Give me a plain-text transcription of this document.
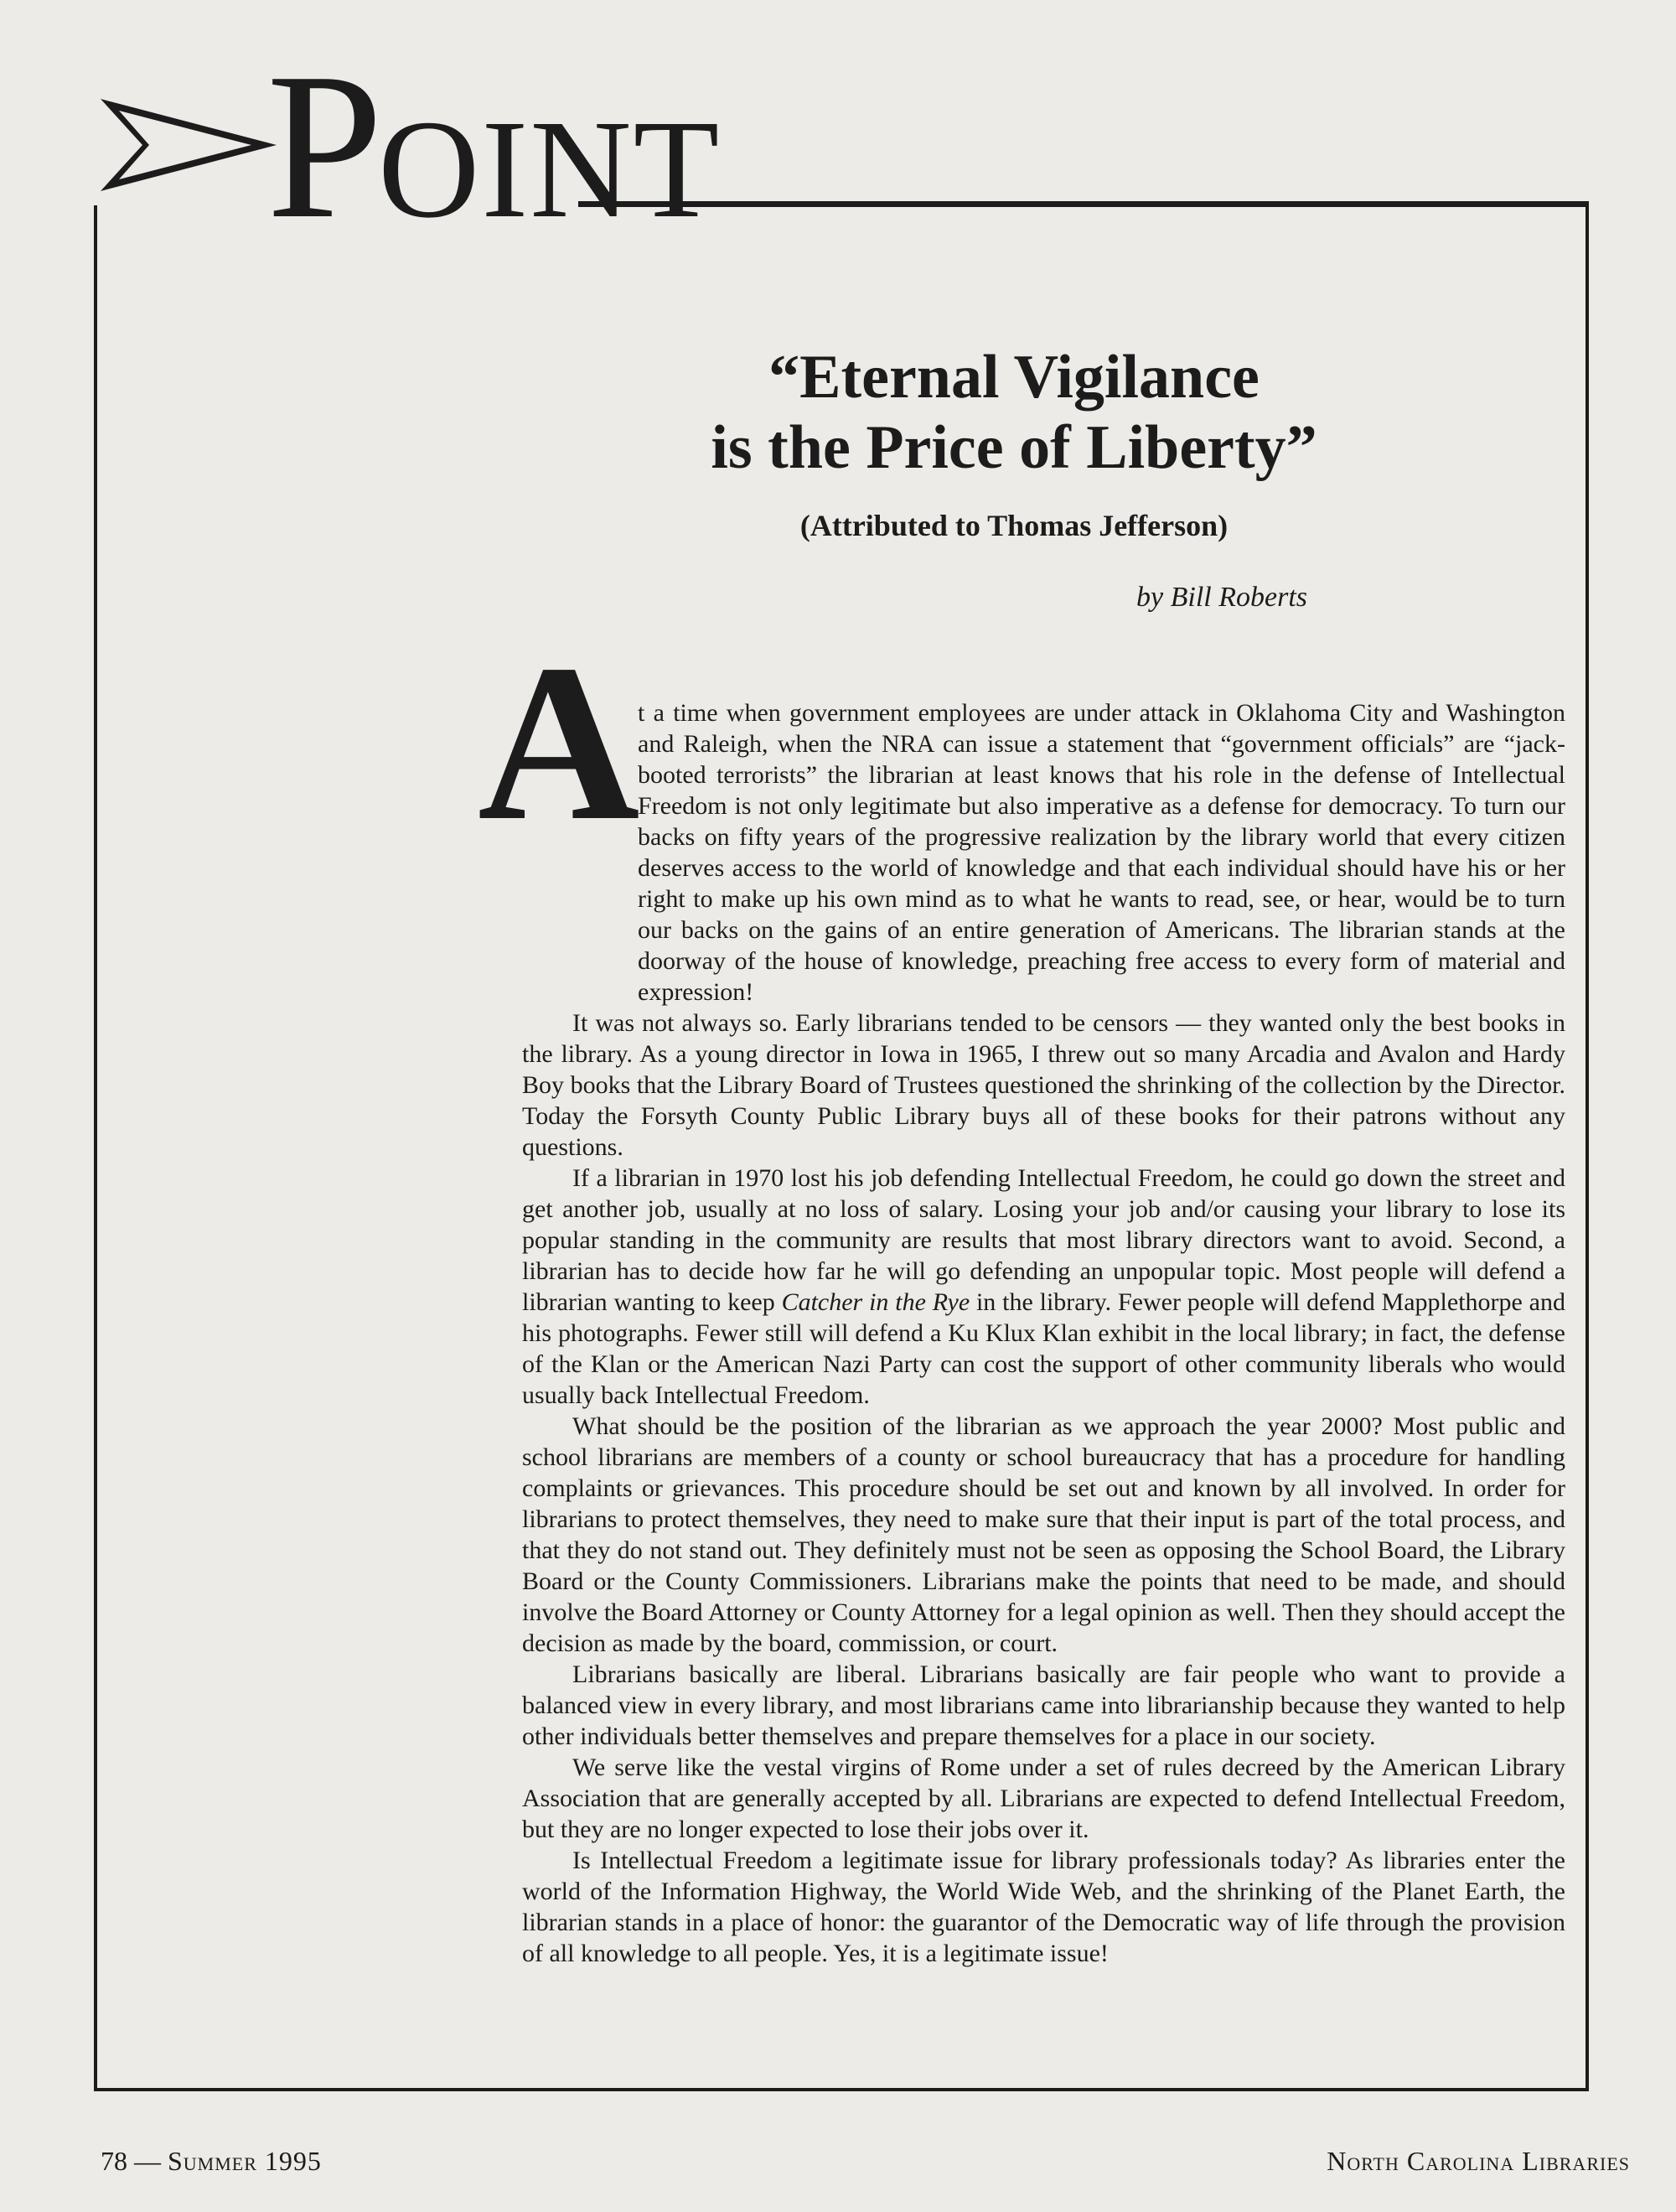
POINT
“Eternal Vigilance
is the Price of Liberty”
(Attributed to Thomas Jefferson)
by Bill Roberts
A

t a time when government employees are under attack in Oklahoma City and Washington and Raleigh, when the NRA can issue a statement that “government officials” are “jack-booted terrorists” the librarian at least knows that his role in the defense of Intellectual Freedom is not only legitimate but also imperative as a defense for democracy. To turn our backs on fifty years of the progressive realization by the library world that every citizen deserves access to the world of knowledge and that each individual should have his or her right to make up his own mind as to what he wants to read, see, or hear, would be to turn our backs on the gains of an entire generation of Americans. The librarian stands at the doorway of the house of knowledge, preaching free access to every form of material and expression!

It was not always so. Early librarians tended to be censors — they wanted only the best books in the library. As a young director in Iowa in 1965, I threw out so many Arcadia and Avalon and Hardy Boy books that the Library Board of Trustees questioned the shrinking of the collection by the Director. Today the Forsyth County Public Library buys all of these books for their patrons without any questions.

If a librarian in 1970 lost his job defending Intellectual Freedom, he could go down the street and get another job, usually at no loss of salary. Losing your job and/or causing your library to lose its popular standing in the community are results that most library directors want to avoid. Second, a librarian has to decide how far he will go defending an unpopular topic. Most people will defend a librarian wanting to keep Catcher in the Rye in the library. Fewer people will defend Mapplethorpe and his photographs. Fewer still will defend a Ku Klux Klan exhibit in the local library; in fact, the defense of the Klan or the American Nazi Party can cost the support of other community liberals who would usually back Intellectual Freedom.

What should be the position of the librarian as we approach the year 2000? Most public and school librarians are members of a county or school bureaucracy that has a procedure for handling complaints or grievances. This procedure should be set out and known by all involved. In order for librarians to protect themselves, they need to make sure that their input is part of the total process, and that they do not stand out. They definitely must not be seen as opposing the School Board, the Library Board or the County Commissioners. Librarians make the points that need to be made, and should involve the Board Attorney or County Attorney for a legal opinion as well. Then they should accept the decision as made by the board, commission, or court.

Librarians basically are liberal. Librarians basically are fair people who want to provide a balanced view in every library, and most librarians came into librarianship because they wanted to help other individuals better themselves and prepare themselves for a place in our society.

We serve like the vestal virgins of Rome under a set of rules decreed by the American Library Association that are generally accepted by all. Librarians are expected to defend Intellectual Freedom, but they are no longer expected to lose their jobs over it.

Is Intellectual Freedom a legitimate issue for library professionals today? As libraries enter the world of the Information Highway, the World Wide Web, and the shrinking of the Planet Earth, the librarian stands in a place of honor: the guarantor of the Democratic way of life through the provision of all knowledge to all people. Yes, it is a legitimate issue!

78 — Summer 1995	North Carolina Libraries
